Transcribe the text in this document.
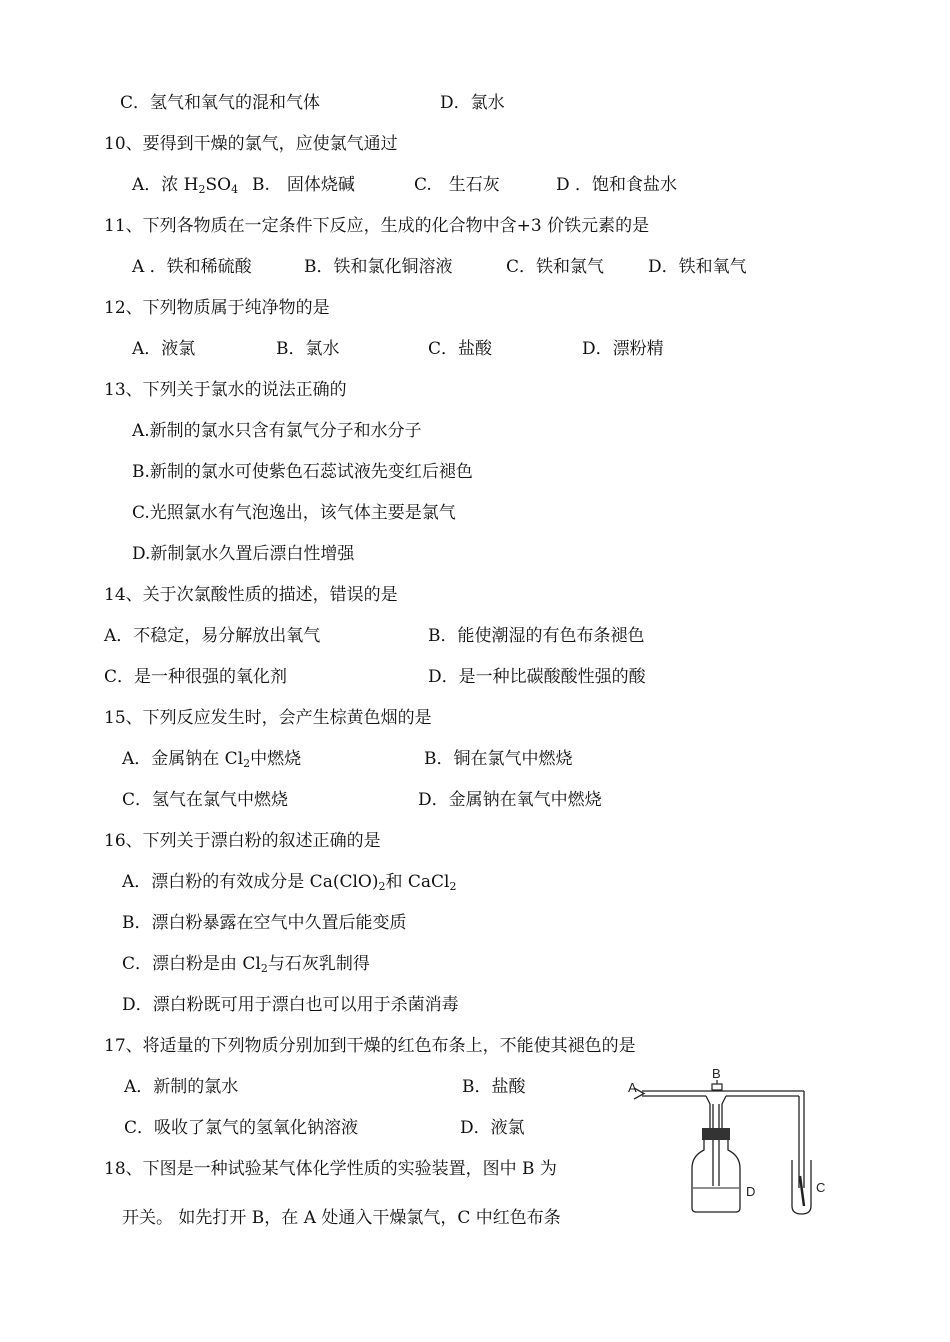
C．氢气和氧气的混和气体	D．氯水
10、要得到干燥的氯气，应使氯气通过
A．浓 $H_2SO_4$ B.　固体烧碱	C.　生石灰	D ．饱和食盐水
11、下列各物质在一定条件下反应，生成的化合物中含+3 价铁元素的是
A ．铁和稀硫酸	B．铁和氯化铜溶液	C．铁和氯气	D．铁和氧气
12、下列物质属于纯净物的是
A．液氯	B．氯水	C．盐酸	D．漂粉精
13、下列关于氯水的说法正确的
A.新制的氯水只含有氯气分子和水分子
B.新制的氯水可使紫色石蕊试液先变红后褪色
C.光照氯水有气泡逸出，该气体主要是氯气
D.新制氯水久置后漂白性增强
14、关于次氯酸性质的描述，错误的是
A．不稳定，易分解放出氧气	B．能使潮湿的有色布条褪色
C．是一种很强的氧化剂	D．是一种比碳酸酸性强的酸
15、下列反应发生时，会产生棕黄色烟的是
A．金属钠在 $Cl_2$中燃烧	B．铜在氯气中燃烧
C．氢气在氯气中燃烧	D．金属钠在氧气中燃烧
16、下列关于漂白粉的叙述正确的是
A．漂白粉的有效成分是 $Ca(ClO)_2$和 CaCl$_2$
B．漂白粉暴露在空气中久置后能变质
C．漂白粉是由 $Cl_2$与石灰乳制得
D．漂白粉既可用于漂白也可以用于杀菌消毒
17、将适量的下列物质分别加到干燥的红色布条上，不能使其褪色的是
A．新制的氯水	B．盐酸
C．吸收了氯气的氢氧化钠溶液	D．液氯
18、下图是一种试验某气体化学性质的实验装置，图中 B 为
开关。 如先打开 B，在 A 处通入干燥氯气，C 中红色布条
A
B
C
D
